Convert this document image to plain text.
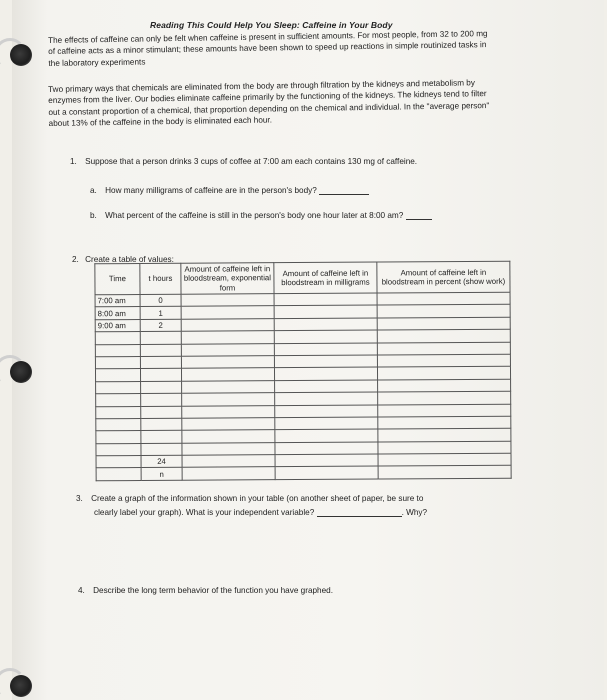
Reading This Could Help You Sleep: Caffeine in Your Body
The effects of caffeine can only be felt when caffeine is present in sufficient amounts. For most people, from 32 to 200 mg of caffeine acts as a minor stimulant; these amounts have been shown to speed up reactions in simple routinized tasks in the laboratory experiments
Two primary ways that chemicals are eliminated from the body are through filtration by the kidneys and metabolism by enzymes from the liver. Our bodies eliminate caffeine primarily by the functioning of the kidneys. The kidneys tend to filter out a constant proportion of a chemical, that proportion depending on the chemical and individual. In the "average person" about 13% of the caffeine in the body is eliminated each hour.
1. Suppose that a person drinks 3 cups of coffee at 7:00 am each contains 130 mg of caffeine.
a. How many milligrams of caffeine are in the person's body?
b. What percent of the caffeine is still in the person's body one hour later at 8:00 am?
2. Create a table of values:
Time	t hours	Amount of caffeine left in bloodstream, exponential form	Amount of caffeine left in bloodstream in milligrams	Amount of caffeine left in bloodstream in percent (show work)
7:00 am	0			
8:00 am	1			
9:00 am	2			

	24			
	n			
3. Create a graph of the information shown in your table (on another sheet of paper, be sure to
clearly label your graph). What is your independent variable?	. Why?
4. Describe the long term behavior of the function you have graphed.
